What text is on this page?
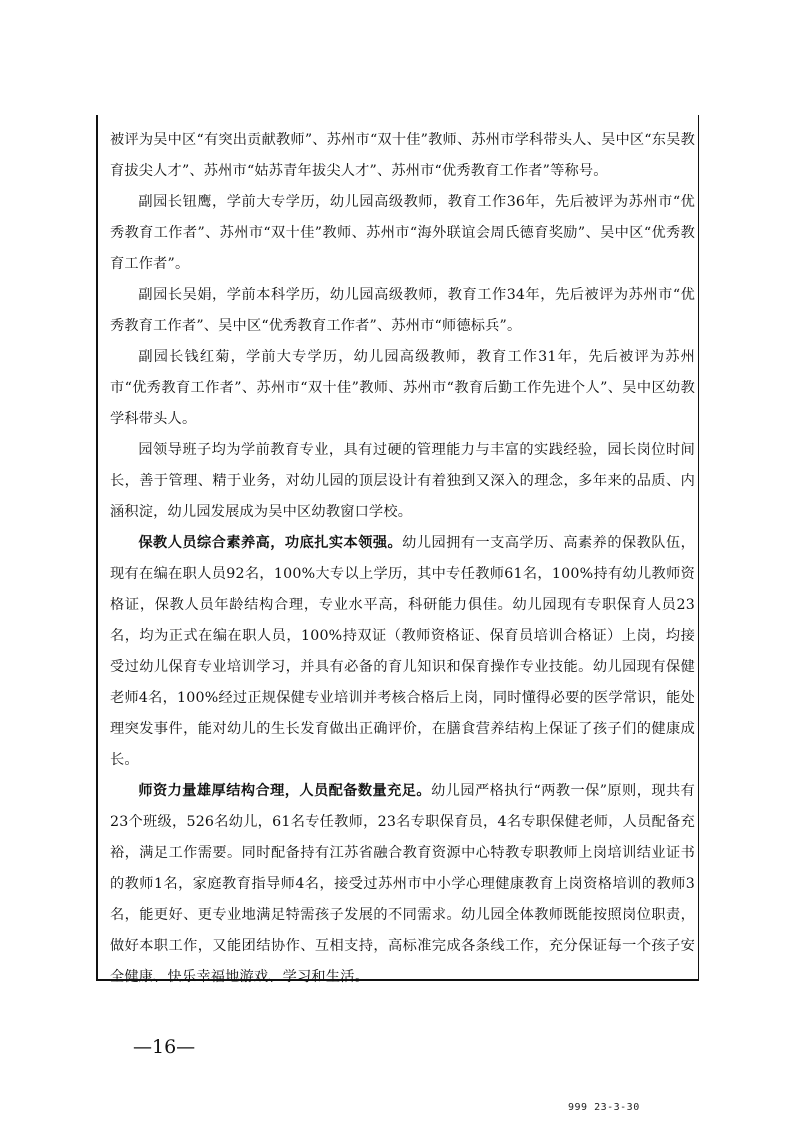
被评为吴中区“有突出贡献教师”、苏州市“双十佳”教师、苏州市学科带头人、吴中区“东吴教育拔尖人才”、苏州市“姑苏青年拔尖人才”、苏州市“优秀教育工作者”等称号。

副园长钮鹰，学前大专学历，幼儿园高级教师，教育工作36年，先后被评为苏州市“优秀教育工作者”、苏州市“双十佳”教师、苏州市“海外联谊会周氏德育奖励”、吴中区“优秀教育工作者”。

副园长吴娟，学前本科学历，幼儿园高级教师，教育工作34年，先后被评为苏州市“优秀教育工作者”、吴中区“优秀教育工作者”、苏州市“师德标兵”。

副园长钱红菊，学前大专学历，幼儿园高级教师，教育工作31年，先后被评为苏州市“优秀教育工作者”、苏州市“双十佳”教师、苏州市“教育后勤工作先进个人”、吴中区幼教学科带头人。

园领导班子均为学前教育专业，具有过硬的管理能力与丰富的实践经验，园长岗位时间长，善于管理、精于业务，对幼儿园的顶层设计有着独到又深入的理念，多年来的品质、内涵积淀，幼儿园发展成为吴中区幼教窗口学校。

保教人员综合素养高，功底扎实本领强。幼儿园拥有一支高学历、高素养的保教队伍，现有在编在职人员92名，100%大专以上学历，其中专任教师61名，100%持有幼儿教师资格证，保教人员年龄结构合理，专业水平高，科研能力俱佳。幼儿园现有专职保育人员23名，均为正式在编在职人员，100%持双证（教师资格证、保育员培训合格证）上岗，均接受过幼儿保育专业培训学习，并具有必备的育儿知识和保育操作专业技能。幼儿园现有保健老师4名，100%经过正规保健专业培训并考核合格后上岗，同时懂得必要的医学常识，能处理突发事件，能对幼儿的生长发育做出正确评价，在膳食营养结构上保证了孩子们的健康成长。

师资力量雄厚结构合理，人员配备数量充足。幼儿园严格执行“两教一保”原则，现共有23个班级，526名幼儿，61名专任教师，23名专职保育员，4名专职保健老师，人员配备充裕，满足工作需要。同时配备持有江苏省融合教育资源中心特教专职教师上岗培训结业证书的教师1名，家庭教育指导师4名，接受过苏州市中小学心理健康教育上岗资格培训的教师3名，能更好、更专业地满足特需孩子发展的不同需求。幼儿园全体教师既能按照岗位职责，做好本职工作，又能团结协作、互相支持，高标准完成各条线工作，充分保证每一个孩子安全健康、快乐幸福地游戏、学习和生活。

—16—
999 23-3-30
